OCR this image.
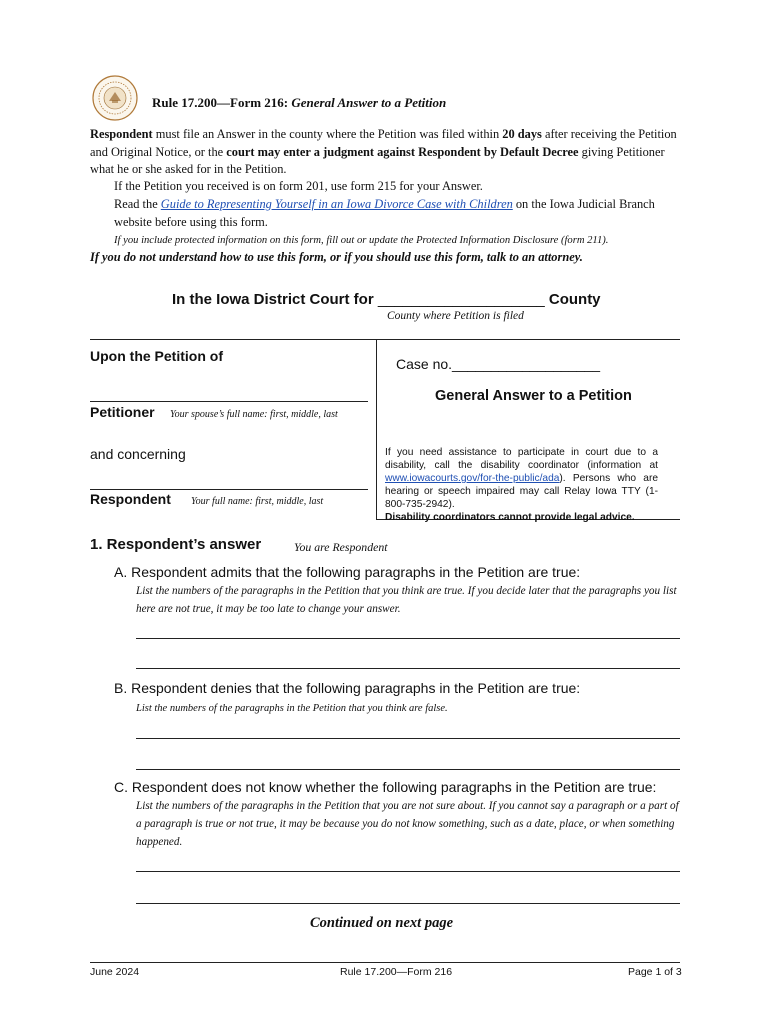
Rule 17.200—Form 216: General Answer to a Petition
Respondent must file an Answer in the county where the Petition was filed within 20 days after receiving the Petition and Original Notice, or the court may enter a judgment against Respondent by Default Decree giving Petitioner what he or she asked for in the Petition.
If the Petition you received is on form 201, use form 215 for your Answer.
Read the Guide to Representing Yourself in an Iowa Divorce Case with Children on the Iowa Judicial Branch website before using this form.
If you include protected information on this form, fill out or update the Protected Information Disclosure (form 211).
If you do not understand how to use this form, or if you should use this form, talk to an attorney.
In the Iowa District Court for ____________________ County
County where Petition is filed
Upon the Petition of
Petitioner Your spouse’s full name: first, middle, last
and concerning
Respondent Your full name: first, middle, last
Case no.___________________
General Answer to a Petition
If you need assistance to participate in court due to a disability, call the disability coordinator (information at www.iowacourts.gov/for-the-public/ada). Persons who are hearing or speech impaired may call Relay Iowa TTY (1-800-735-2942).
Disability coordinators cannot provide legal advice.
1. Respondent’s answer	You are Respondent
A. Respondent admits that the following paragraphs in the Petition are true:
List the numbers of the paragraphs in the Petition that you think are true. If you decide later that the paragraphs you list here are not true, it may be too late to change your answer.
B. Respondent denies that the following paragraphs in the Petition are true:
List the numbers of the paragraphs in the Petition that you think are false.
C. Respondent does not know whether the following paragraphs in the Petition are true:
List the numbers of the paragraphs in the Petition that you are not sure about. If you cannot say a paragraph or a part of a paragraph is true or not true, it may be because you do not know something, such as a date, place, or when something happened.
Continued on next page
June 2024	Rule 17.200—Form 216	Page 1 of 3
